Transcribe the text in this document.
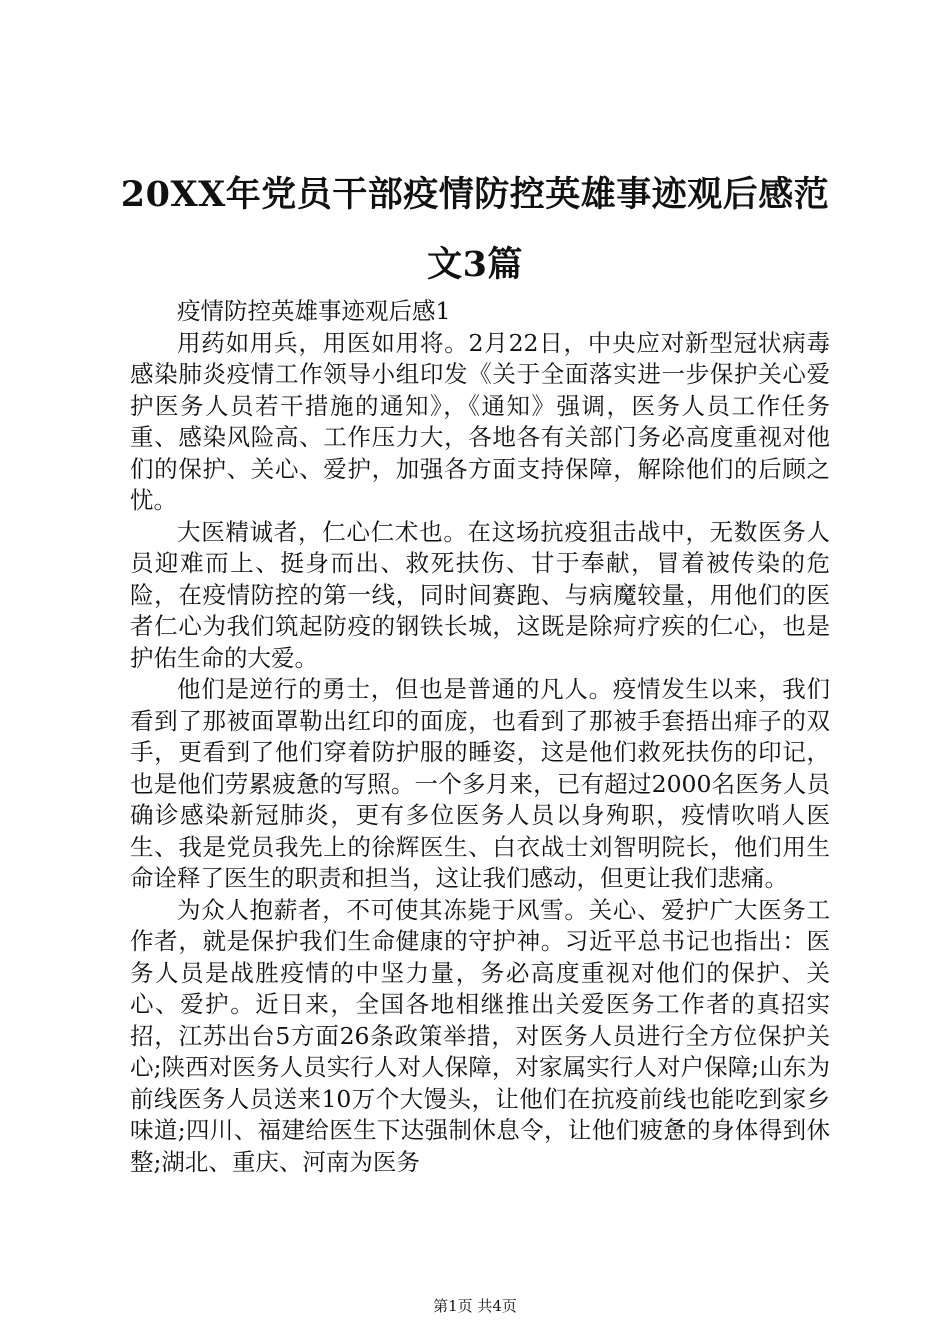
20XX年党员干部疫情防控英雄事迹观后感范文3篇

疫情防控英雄事迹观后感1

用药如用兵，用医如用将。2月22日，中央应对新型冠状病毒感染肺炎疫情工作领导小组印发《关于全面落实进一步保护关心爱护医务人员若干措施的通知》，《通知》强调，医务人员工作任务重、感染风险高、工作压力大，各地各有关部门务必高度重视对他们的保护、关心、爱护，加强各方面支持保障，解除他们的后顾之忧。

大医精诚者，仁心仁术也。在这场抗疫狙击战中，无数医务人员迎难而上、挺身而出、救死扶伤、甘于奉献，冒着被传染的危险，在疫情防控的第一线，同时间赛跑、与病魔较量，用他们的医者仁心为我们筑起防疫的钢铁长城，这既是除疴疗疾的仁心，也是护佑生命的大爱。

他们是逆行的勇士，但也是普通的凡人。疫情发生以来，我们看到了那被面罩勒出红印的面庞，也看到了那被手套捂出痱子的双手，更看到了他们穿着防护服的睡姿，这是他们救死扶伤的印记，也是他们劳累疲惫的写照。一个多月来，已有超过2000名医务人员确诊感染新冠肺炎，更有多位医务人员以身殉职，疫情吹哨人医生、我是党员我先上的徐辉医生、白衣战士刘智明院长，他们用生命诠释了医生的职责和担当，这让我们感动，但更让我们悲痛。

为众人抱薪者，不可使其冻毙于风雪。关心、爱护广大医务工作者，就是保护我们生命健康的守护神。习近平总书记也指出：医务人员是战胜疫情的中坚力量，务必高度重视对他们的保护、关心、爱护。近日来，全国各地相继推出关爱医务工作者的真招实招，江苏出台5方面26条政策举措，对医务人员进行全方位保护关心;陕西对医务人员实行人对人保障，对家属实行人对户保障;山东为前线医务人员送来10万个大馒头，让他们在抗疫前线也能吃到家乡味道;四川、福建给医生下达强制休息令，让他们疲惫的身体得到休整;湖北、重庆、河南为医务

第1页 共4页
